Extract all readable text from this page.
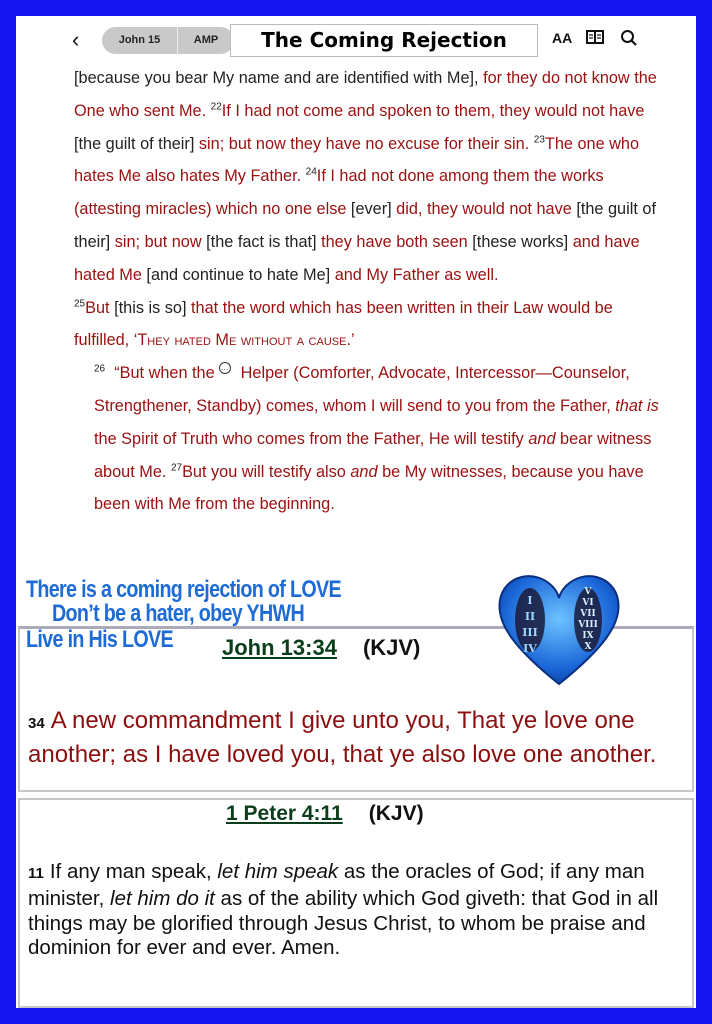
‹	John 15	AMP	The Coming Rejection	AA
[because you bear My name and are identified with Me], for they do not know the One who sent Me. $^{22}$If I had not come and spoken to them, they would not have [the guilt of their] sin; but now they have no excuse for their sin. $^{23}$The one who hates Me also hates My Father. $^{24}$If I had not done among them the works (attesting miracles) which no one else [ever] did, they would not have [the guilt of their] sin; but now [the fact is that] they have both seen [these works] and have hated Me [and continue to hate Me] and My Father as well.
$^{25}$But [this is so] that the word which has been written in their Law would be fulfilled, ‘They hated Me without a cause.’
$^{26}$ “But when the … Helper (Comforter, Advocate, Intercessor—Counselor, Strengthener, Standby) comes, whom I will send to you from the Father, that is the Spirit of Truth who comes from the Father, He will testify and bear witness about Me. $^{27}$But you will testify also and be My witnesses, because you have been with Me from the beginning.
John 13:34 (KJV)
34 A new commandment I give unto you, That ye love one another; as I have loved you, that ye also love one another.
1 Peter 4:11 (KJV)
11 If any man speak, let him speak as the oracles of God; if any man minister, let him do it as of the ability which God giveth: that God in all things may be glorified through Jesus Christ, to whom be praise and dominion for ever and ever. Amen.
There is a coming rejection of LOVE
Don’t be a hater, obey YHWH
Live in His LOVE
I
II
III
IV
V
VI
VII
VIII
IX
X
